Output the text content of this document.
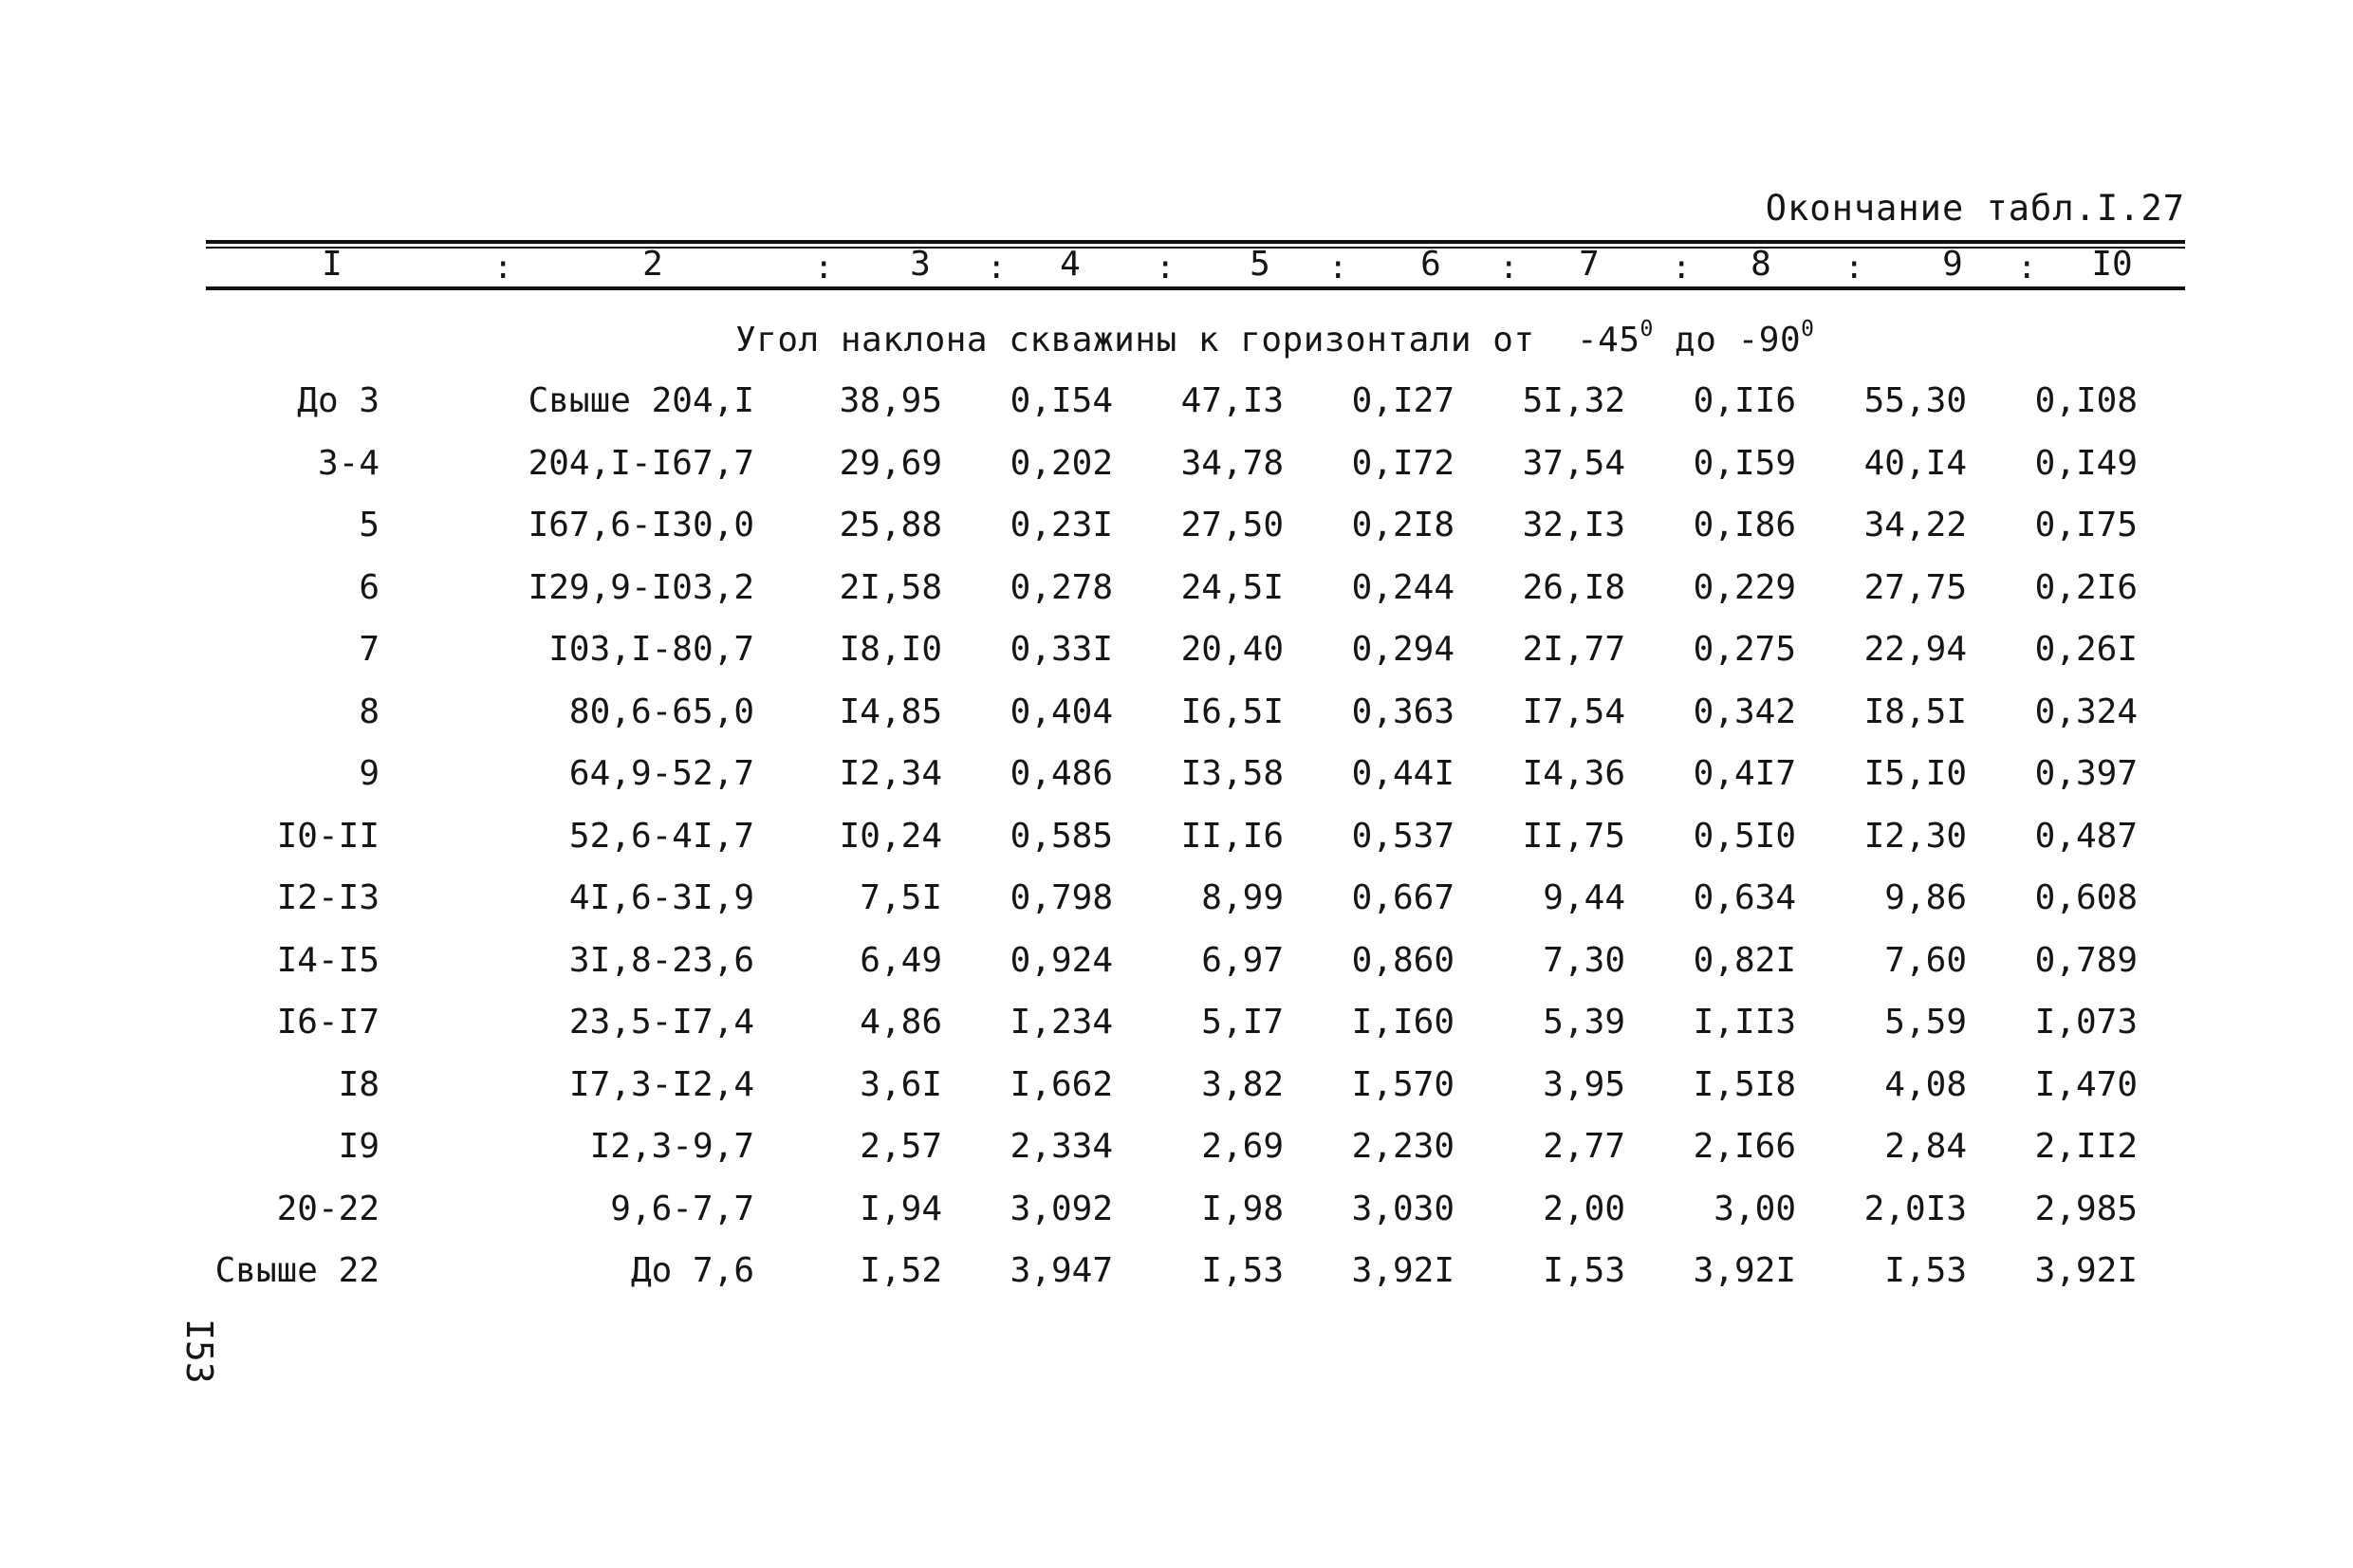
Окончание табл.I.27
I	:	2	:	3	:	4	:	5	:	6	:	7	:	8	:	9	:	I0
Угол наклона скважины к горизонтали от $-45^0$ до $-90^0$
До 3	Свыше 204,I 38,95 0,I54 47,I3 0,I27 5I,32 0,II6 55,30 0,I08
3-4	204,I-I67,7 29,69 0,202 34,78 0,I72 37,54 0,I59 40,I4 0,I49
5	I67,6-I30,0 25,88 0,23I 27,50 0,2I8 32,I3 0,I86 34,22 0,I75
6	I29,9-I03,2 2I,58 0,278 24,5I 0,244 26,I8 0,229 27,75 0,2I6
7	I03,I-80,7 I8,I0 0,33I 20,40 0,294 2I,77 0,275 22,94 0,26I
8	80,6-65,0 I4,85 0,404 I6,5I 0,363 I7,54 0,342 I8,5I 0,324
9	64,9-52,7 I2,34 0,486 I3,58 0,44I I4,36 0,4I7 I5,I0 0,397
I0-II	52,6-4I,7 I0,24 0,585 II,I6 0,537 II,75 0,5I0 I2,30 0,487
I2-I3	4I,6-3I,9	7,5I 0,798	8,99 0,667	9,44 0,634	9,86 0,608
I4-I5	3I,8-23,6	6,49 0,924	6,97 0,860	7,30 0,82I	7,60 0,789
I6-I7	23,5-I7,4	4,86 I,234	5,I7 I,I60	5,39 I,II3	5,59 I,073
I8	I7,3-I2,4	3,6I I,662	3,82 I,570	3,95 I,5I8	4,08 I,470
I9	I2,3-9,7	2,57 2,334	2,69 2,230	2,77 2,I66	2,84 2,II2
20-22	9,6-7,7	I,94 3,092	I,98 3,030	2,00	3,00 2,0I3 2,985
Свыше 22	До 7,6	I,52 3,947	I,53 3,92I	I,53 3,92I	I,53 3,92I
I53
